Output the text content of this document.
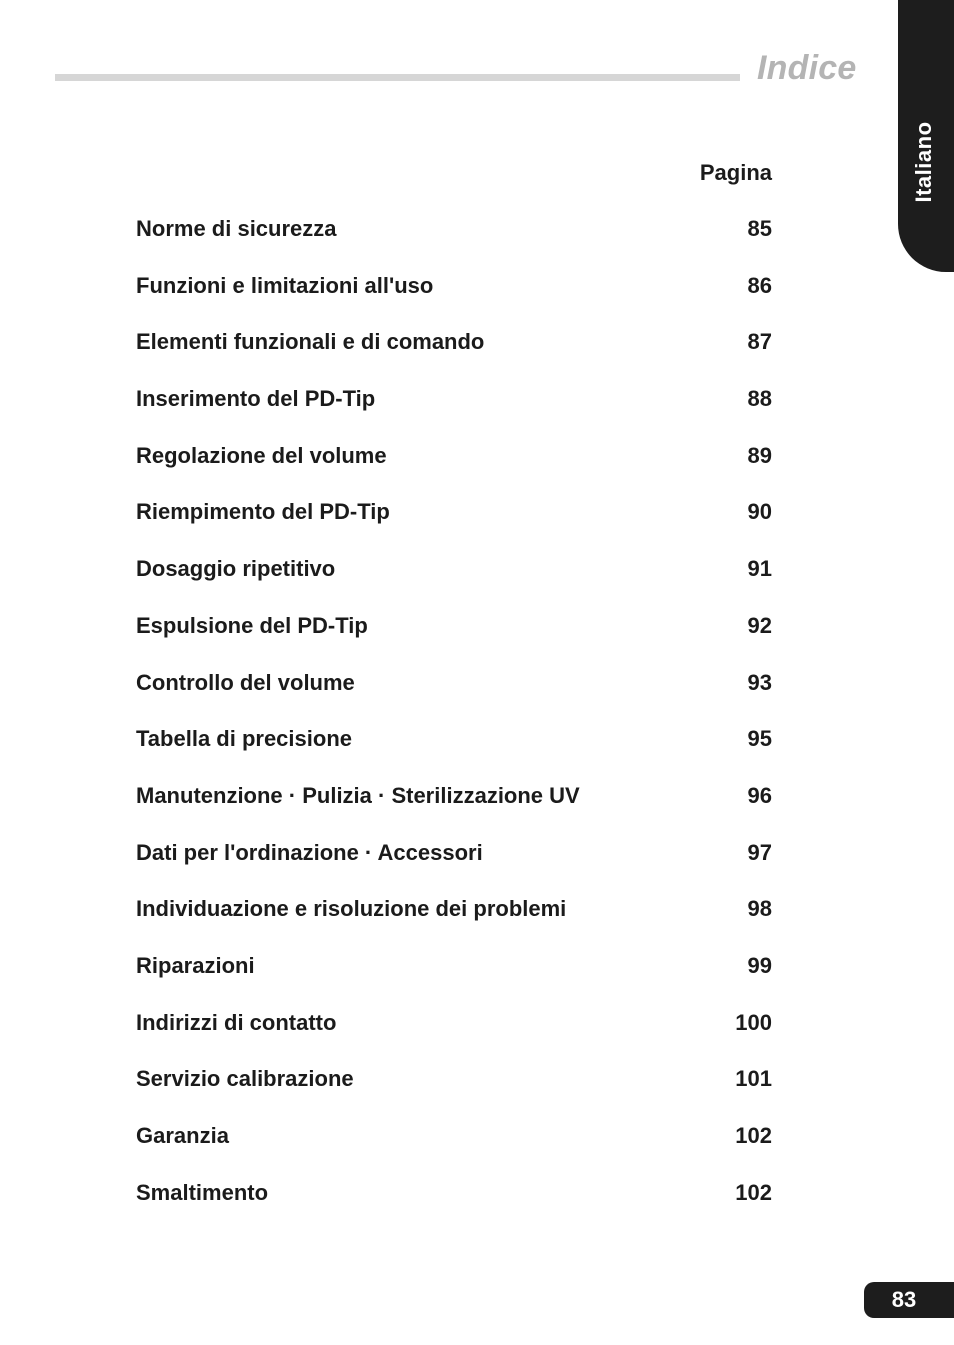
Indice
Italiano
Pagina
Norme di sicurezza	85
Funzioni e limitazioni all'uso	86
Elementi funzionali e di comando	87
Inserimento del PD-Tip	88
Regolazione del volume	89
Riempimento del PD-Tip	90
Dosaggio ripetitivo	91
Espulsione del PD-Tip	92
Controllo del volume	93
Tabella di precisione	95
Manutenzione · Pulizia · Sterilizzazione UV	96
Dati per l'ordinazione · Accessori	97
Individuazione e risoluzione dei problemi	98
Riparazioni	99
Indirizzi di contatto	100
Servizio calibrazione	101
Garanzia	102
Smaltimento	102
83
